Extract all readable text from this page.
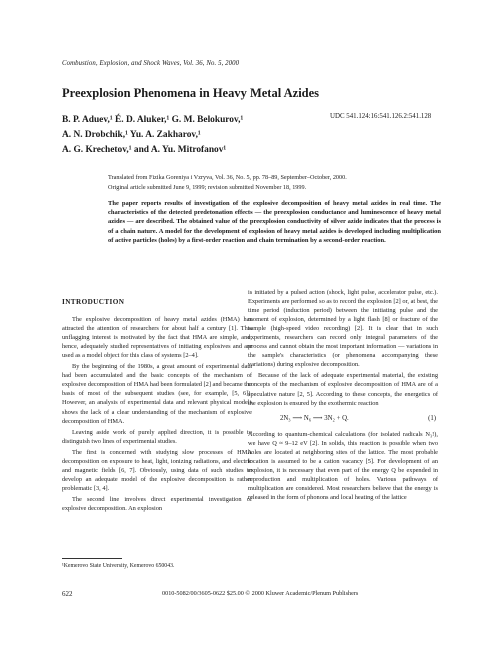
Combustion, Explosion, and Shock Waves, Vol. 36, No. 5, 2000
Preexplosion Phenomena in Heavy Metal Azides
B. P. Aduev,¹ É. D. Aluker,¹ G. M. Belokurov,¹
A. N. Drobchik,¹ Yu. A. Zakharov,¹
A. G. Krechetov,¹ and A. Yu. Mitrofanov¹
UDC 541.124:16:541.126.2:541.128
Translated from Fizika Goreniya i Vzryva, Vol. 36, No. 5, pp. 78–89, September–October, 2000.
Original article submitted June 9, 1999; revision submitted November 18, 1999.
The paper reports results of investigation of the explosive decomposition of heavy metal azides in real time. The characteristics of the detected predetonation effects — the preexplosion conductance and luminescence of heavy metal azides — are described. The obtained value of the preexplosion conductivity of silver azide indicates that the process is of a chain nature. A model for the development of explosion of heavy metal azides is developed including multiplication of active particles (holes) by a first-order reaction and chain termination by a second-order reaction.
INTRODUCTION

The explosive decomposition of heavy metal azides (HMA) has attracted the attention of researchers for about half a century [1]. This unflagging interest is motivated by the fact that HMA are simple, and, hence, adequately studied representatives of initiating explosives and are used as a model object for this class of systems [2–4].

By the beginning of the 1980s, a great amount of experimental data had been accumulated and the basic concepts of the mechanism of explosive decomposition of HMA had been formulated [2] and became the basis of most of the subsequent studies (see, for example, [5, 6]). However, an analysis of experimental data and relevant physical models shows the lack of a clear understanding of the mechanism of explosive decomposition of HMA.

Leaving aside work of purely applied direction, it is possible to distinguish two lines of experimental studies.

The first is concerned with studying slow processes of HMA decomposition on exposure to heat, light, ionizing radiations, and electric and magnetic fields [6, 7]. Obviously, using data of such studies to develop an adequate model of the explosive decomposition is rather problematic [3, 4].

The second line involves direct experimental investigation of explosive decomposition. An explosion

is initiated by a pulsed action (shock, light pulse, accelerator pulse, etc.). Experiments are performed so as to record the explosion [2] or, at best, the time period (induction period) between the initiating pulse and the moment of explosion, determined by a light flash [8] or fracture of the sample (high-speed video recording) [2]. It is clear that in such experiments, researchers can record only integral parameters of the process and cannot obtain the most important information — variations in the sample's characteristics (or phenomena accompanying these variations) during explosive decomposition.

Because of the lack of adequate experimental material, the existing concepts of the mechanism of explosive decomposition of HMA are of a speculative nature [2, 5]. According to these concepts, the energetics of the explosion is ensured by the exothermic reaction

2N₃ ⟶ N₆ ⟶ 3N₂ + Q.	(1)

According to quantum-chemical calculations (for isolated radicals N₃!), we have Q ≈ 9–12 eV [2]. In solids, this reaction is possible when two holes are located at neighboring sites of the lattice. The most probable location is assumed to be a cation vacancy [5]. For development of an explosion, it is necessary that even part of the energy Q be expended in reproduction and multiplication of holes. Various pathways of multiplication are considered. Most researchers believe that the energy is released in the form of phonons and local heating of the lattice

¹Kemerovo State University, Kemerovo 650043.
622	0010-5082/00/3605-0622 $25.00 © 2000 Kluwer Academic/Plenum Publishers
